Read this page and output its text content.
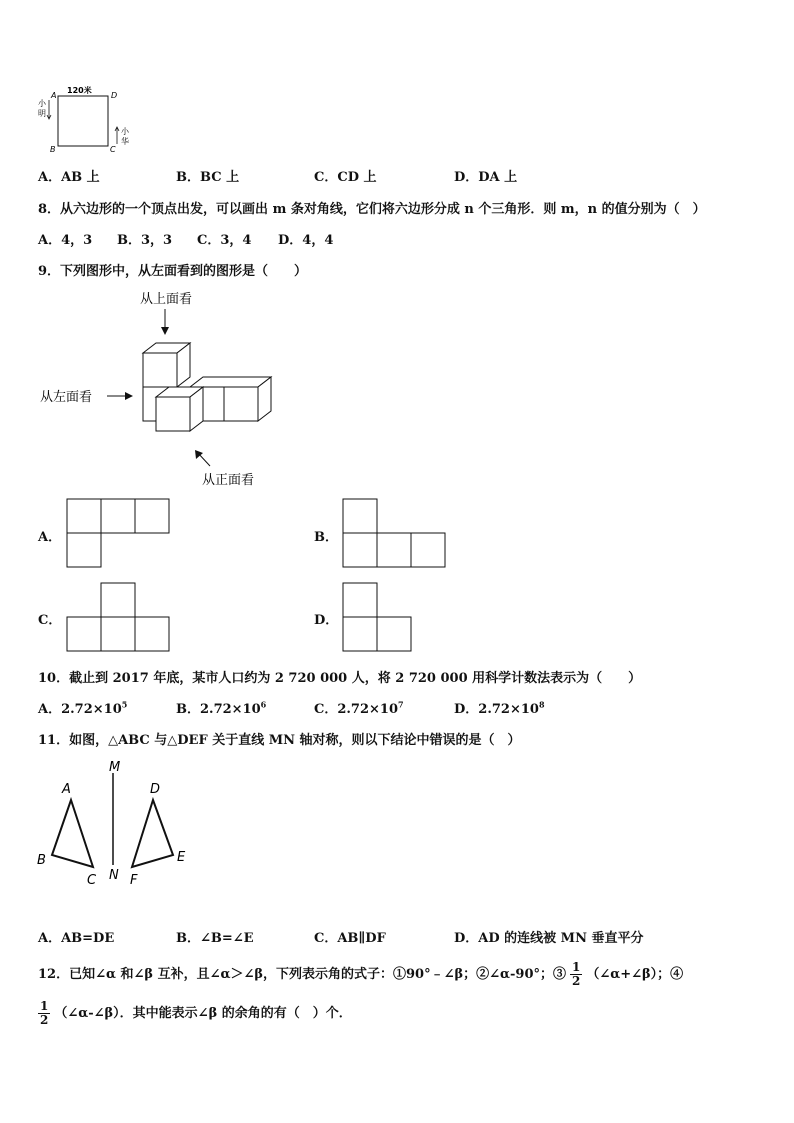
120米
A	D
B	C
小
明
小
华
A．AB 上	B．BC 上	C．CD 上	D．DA 上
8．从六边形的一个顶点出发，可以画出 m 条对角线，它们将六边形分成 n 个三角形．则 m，n 的值分别为（　）
A．4，3 B．3，3 C．3，4 D．4，4
9．下列图形中，从左面看到的图形是（　　）
从上面看
从左面看
从正面看
A．	B．
C．	D．
10．截止到 2017 年底，某市人口约为 2 720 000 人，将 2 720 000 用科学计数法表示为（　　）
A．$2.72\times 10^5$	B．$2.72\times 10^6$	C．$2.72\times 10^7$	D．$2.72\times 10^8$
11．如图，△ABC 与△DEF 关于直线 MN 轴对称，则以下结论中错误的是（　）
M
N
A
B
C
D
E
F
A．AB=DE	B．∠B=∠E	C．AB∥DF	D．AD 的连线被 MN 垂直平分
12．已知∠α 和∠β 互补，且∠α＞∠β，下列表示角的式子：①90°﹣∠β；②∠α-90°；③ $\frac{1}{2}$ （∠α+∠β）；④
$\frac{1}{2}$ （∠α-∠β）．其中能表示∠β 的余角的有（　）个．
